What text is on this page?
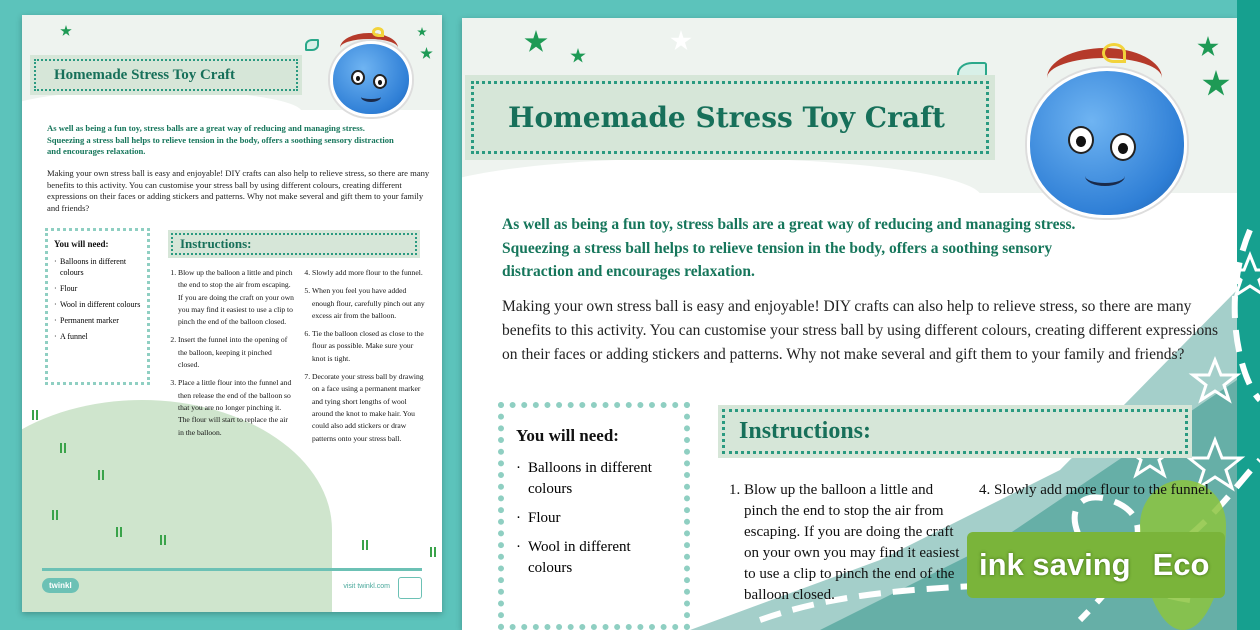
Homemade Stress Toy Craft

As well as being a fun toy, stress balls are a great way of reducing and managing stress. Squeezing a stress ball helps to relieve tension in the body, offers a soothing sensory distraction and encourages relaxation.

Making your own stress ball is easy and enjoyable! DIY crafts can also help to relieve stress, so there are many benefits to this activity. You can customise your stress ball by using different colours, creating different expressions on their faces or adding stickers and patterns. Why not make several and gift them to your family and friends?

You will need:
· Balloons in different colours
· Flour
· Wool in different colours
· Permanent marker
· A funnel
Instructions:
1. Blow up the balloon a little and pinch the end to stop the air from escaping. If you are doing the craft on your own you may find it easiest to use a clip to pinch the end of the balloon closed.
2. Insert the funnel into the opening of the balloon, keeping it pinched closed.
3. Place a little flour into the funnel and then release the end of the balloon so that you are no longer pinching it. The flour will start to replace the air in the balloon.
4. Slowly add more flour to the funnel.
5. When you feel you have added enough flour, carefully pinch out any excess air from the balloon.
6. Tie the balloon closed as close to the flour as possible. Make sure your knot is tight.
7. Decorate your stress ball by drawing on a face using a permanent marker and tying short lengths of wool around the knot to make hair. You could also add stickers or draw patterns onto your stress ball.
twinkl	visit twinkl.com
Homemade Stress Toy Craft

As well as being a fun toy, stress balls are a great way of reducing and managing stress. Squeezing a stress ball helps to relieve tension in the body, offers a soothing sensory distraction and encourages relaxation.

Making your own stress ball is easy and enjoyable! DIY crafts can also help to relieve stress, so there are many benefits to this activity. You can customise your stress ball by using different colours, creating different expressions on their faces or adding stickers and patterns. Why not make several and gift them to your family and friends?

You will need:
· Balloons in different colours
· Flour
· Wool in different colours
Instructions:
1. Blow up the balloon a little and pinch the end to stop the air from escaping. If you are doing the craft on your own you may find it easiest to use a clip to pinch the end of the balloon closed.
4. Slowly add more flour to the funnel.
ink saving Eco
